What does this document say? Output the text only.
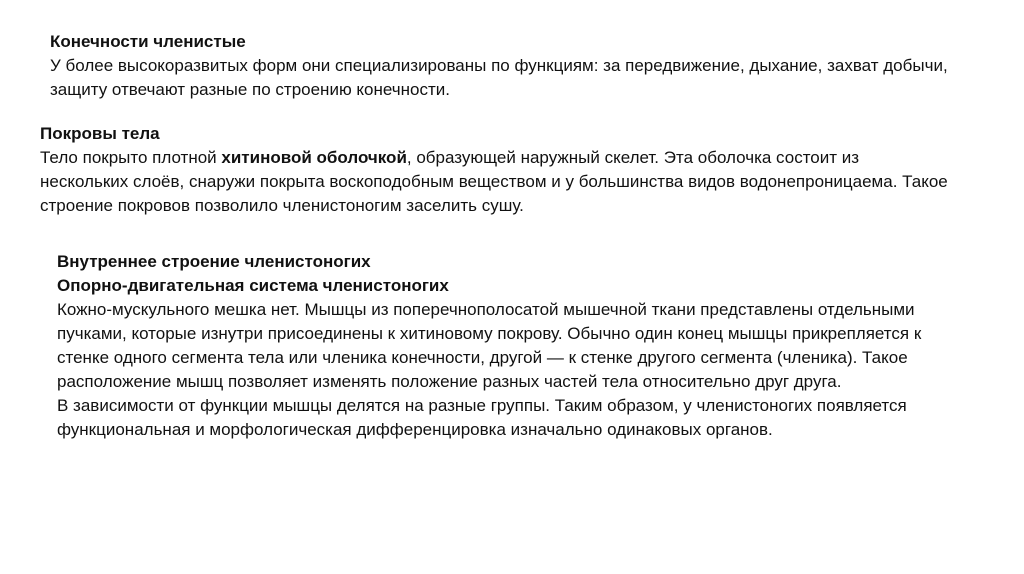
Конечности членистые

У более высокоразвитых форм они специализированы по функциям: за передвижение, дыхание, захват добычи, защиту отвечают разные по строению конечности.

Покровы тела

Тело покрыто плотной хитиновой оболочкой, образующей наружный скелет. Эта оболочка состоит из нескольких слоёв, снаружи покрыта воскоподобным веществом и у большинства видов водонепроницаема. Такое строение покровов позволило членистоногим заселить сушу.

Внутреннее строение членистоногих

Опорно-двигательная система членистоногих

Кожно-мускульного мешка нет. Мышцы из поперечнополосатой мышечной ткани представлены отдельными пучками, которые изнутри присоединены к хитиновому покрову. Обычно один конец мышцы прикрепляется к стенке одного сегмента тела или членика конечности, другой — к стенке другого сегмента (членика). Такое расположение мышц позволяет изменять положение разных частей тела относительно друг друга.

В зависимости от функции мышцы делятся на разные группы. Таким образом, у членистоногих появляется функциональная и морфологическая дифференцировка изначально одинаковых органов.
